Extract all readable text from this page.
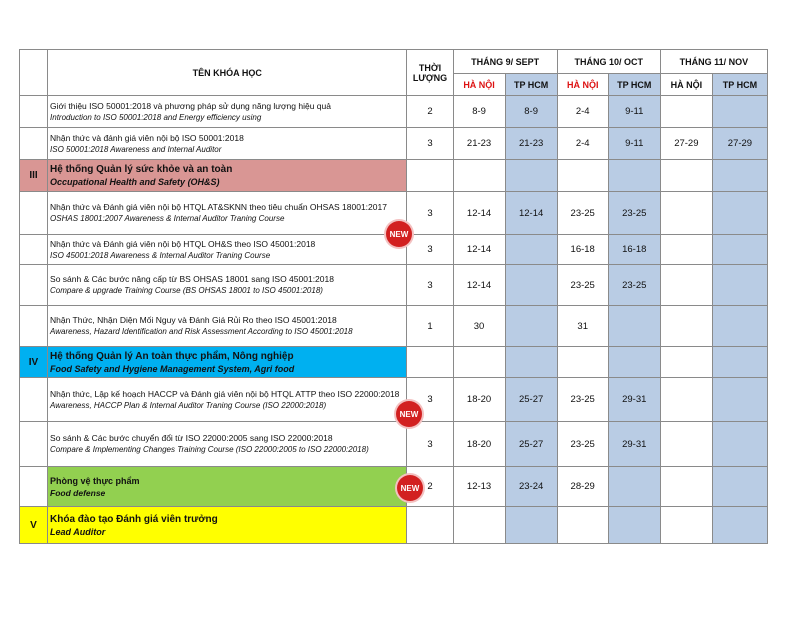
	TÊN KHÓA HỌC	THỜI LƯỢNG	THÁNG 9/ SEPT		THÁNG 10/ OCT		THÁNG 11/ NOV	
			HÀ NỘI	TP HCM	HÀ NỘI	TP HCM	HÀ NỘI	TP HCM

	Giới thiệu ISO 50001:2018 và phương pháp sử dụng năng lượng hiệu quả
Introduction to ISO 50001:2018 and Energy efficiency using	2	8-9	8-9	2-4	9-11		

	Nhận thức và đánh giá viên nội bộ ISO 50001:2018
ISO 50001:2018 Awareness and Internal Auditor	3	21-23	21-23	2-4	9-11	27-29	27-29
III	Hệ thống Quản lý sức khỏe và an toàn
Occupational Health and Safety (OH&S)							

	Nhận thức và Đánh giá viên nội bộ HTQL AT&SKNN theo tiêu chuẩn OHSAS 18001:2017
OSHAS 18001:2007 Awareness & Internal Auditor Traning Course	3	12-14	12-14	23-25	23-25		

	Nhận thức và Đánh giá viên nội bộ HTQL OH&S theo ISO 45001:2018
ISO 45001:2018 Awareness & Internal Auditor Traning Course	3	12-14		16-18	16-18		

	So sánh & Các bước nâng cấp từ BS OHSAS 18001 sang ISO 45001:2018
Compare & upgrade Training Course (BS OHSAS 18001 to ISO 45001:2018)	3	12-14		23-25	23-25		

	Nhận Thức, Nhận Diện Mối Nguy và Đánh Giá Rủi Ro theo ISO 45001:2018
Awareness, Hazard Identification and Risk Assessment According to ISO 45001:2018	1	30		31			
IV	Hệ thống Quản lý An toàn thực phẩm, Nông nghiệp
Food Safety and Hygiene Management System, Agri food							

	Nhận thức, Lập kế hoạch HACCP và Đánh giá viên nội bộ HTQL ATTP theo ISO 22000:2018
Awareness, HACCP Plan & Internal Auditor Traning Course (ISO 22000:2018)	3	18-20	25-27	23-25	29-31		

	So sánh & Các bước chuyển đổi từ ISO 22000:2005 sang ISO 22000:2018
Compare & Implementing Changes Training Course (ISO 22000:2005 to ISO 22000:2018)	3	18-20	25-27	23-25	29-31		

	Phòng vệ thực phẩm
Food defense	2	12-13	23-24	28-29			
V	Khóa đào tạo Đánh giá viên trưởng
Lead Auditor							

NEW
NEW
NEW
